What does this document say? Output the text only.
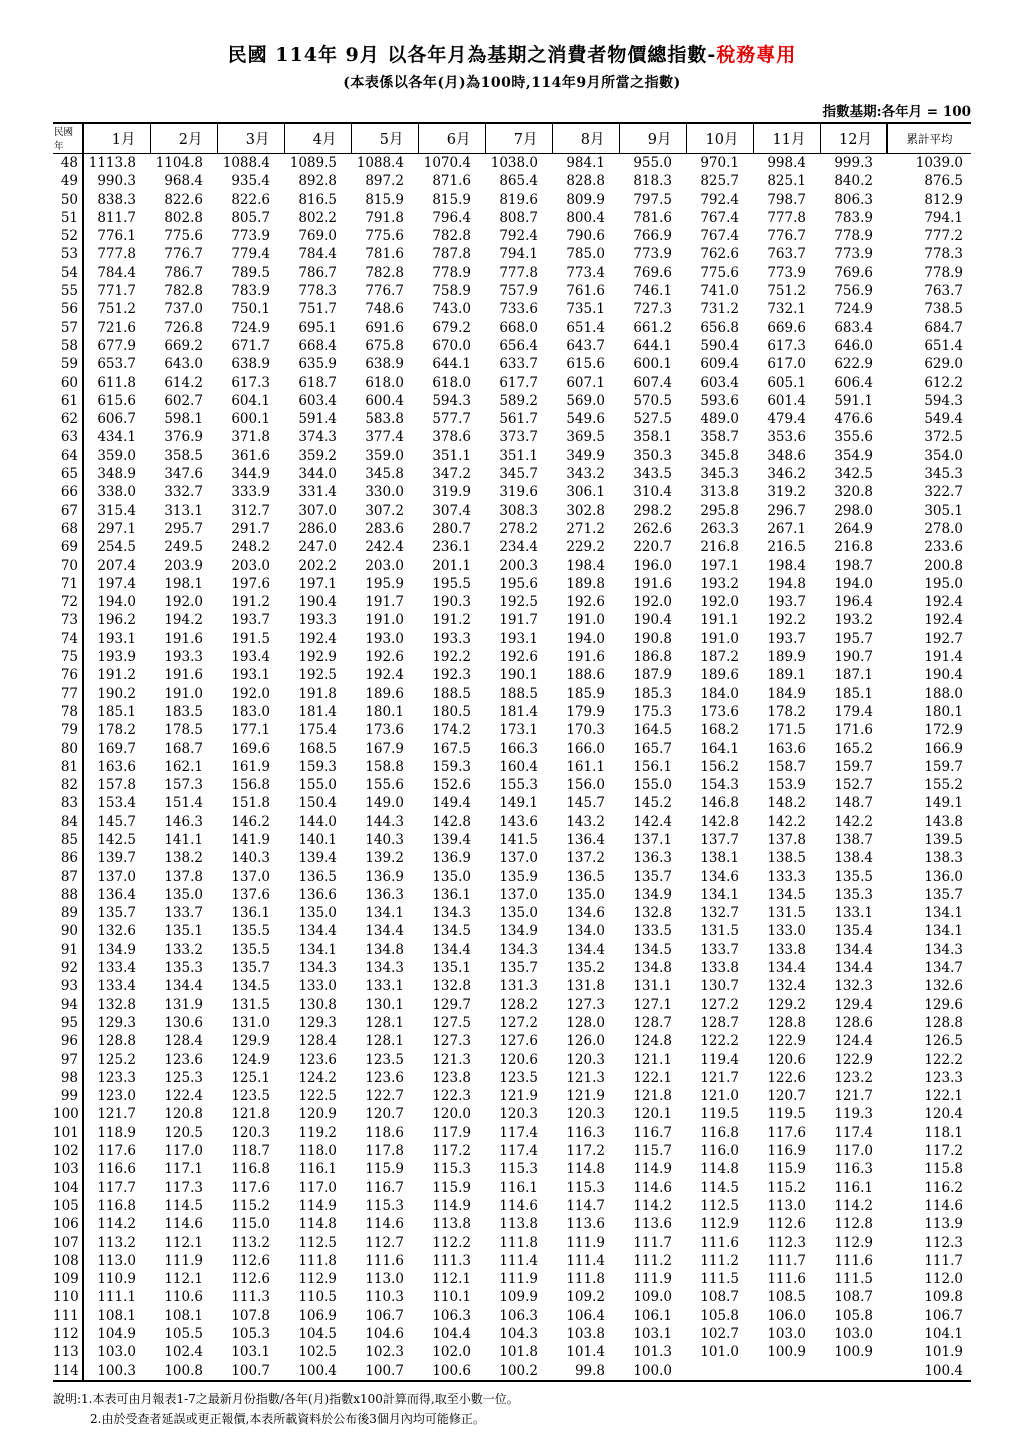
民國 114年 9月 以各年月為基期之消費者物價總指數-稅務專用
(本表係以各年(月)為100時,114年9月所當之指數)
指數基期:各年月 = 100
民國年	1月	2月	3月	4月	5月	6月	7月	8月	9月	10月	11月	12月	累計平均
48	1113.8	1104.8	1088.4	1089.5	1088.4	1070.4	1038.0	984.1	955.0	970.1	998.4	999.3	1039.0
49	990.3	968.4	935.4	892.8	897.2	871.6	865.4	828.8	818.3	825.7	825.1	840.2	876.5
50	838.3	822.6	822.6	816.5	815.9	815.9	819.6	809.9	797.5	792.4	798.7	806.3	812.9
51	811.7	802.8	805.7	802.2	791.8	796.4	808.7	800.4	781.6	767.4	777.8	783.9	794.1
52	776.1	775.6	773.9	769.0	775.6	782.8	792.4	790.6	766.9	767.4	776.7	778.9	777.2
53	777.8	776.7	779.4	784.4	781.6	787.8	794.1	785.0	773.9	762.6	763.7	773.9	778.3
54	784.4	786.7	789.5	786.7	782.8	778.9	777.8	773.4	769.6	775.6	773.9	769.6	778.9
55	771.7	782.8	783.9	778.3	776.7	758.9	757.9	761.6	746.1	741.0	751.2	756.9	763.7
56	751.2	737.0	750.1	751.7	748.6	743.0	733.6	735.1	727.3	731.2	732.1	724.9	738.5
57	721.6	726.8	724.9	695.1	691.6	679.2	668.0	651.4	661.2	656.8	669.6	683.4	684.7
58	677.9	669.2	671.7	668.4	675.8	670.0	656.4	643.7	644.1	590.4	617.3	646.0	651.4
59	653.7	643.0	638.9	635.9	638.9	644.1	633.7	615.6	600.1	609.4	617.0	622.9	629.0
60	611.8	614.2	617.3	618.7	618.0	618.0	617.7	607.1	607.4	603.4	605.1	606.4	612.2
61	615.6	602.7	604.1	603.4	600.4	594.3	589.2	569.0	570.5	593.6	601.4	591.1	594.3
62	606.7	598.1	600.1	591.4	583.8	577.7	561.7	549.6	527.5	489.0	479.4	476.6	549.4
63	434.1	376.9	371.8	374.3	377.4	378.6	373.7	369.5	358.1	358.7	353.6	355.6	372.5
64	359.0	358.5	361.6	359.2	359.0	351.1	351.1	349.9	350.3	345.8	348.6	354.9	354.0
65	348.9	347.6	344.9	344.0	345.8	347.2	345.7	343.2	343.5	345.3	346.2	342.5	345.3
66	338.0	332.7	333.9	331.4	330.0	319.9	319.6	306.1	310.4	313.8	319.2	320.8	322.7
67	315.4	313.1	312.7	307.0	307.2	307.4	308.3	302.8	298.2	295.8	296.7	298.0	305.1
68	297.1	295.7	291.7	286.0	283.6	280.7	278.2	271.2	262.6	263.3	267.1	264.9	278.0
69	254.5	249.5	248.2	247.0	242.4	236.1	234.4	229.2	220.7	216.8	216.5	216.8	233.6
70	207.4	203.9	203.0	202.2	203.0	201.1	200.3	198.4	196.0	197.1	198.4	198.7	200.8
71	197.4	198.1	197.6	197.1	195.9	195.5	195.6	189.8	191.6	193.2	194.8	194.0	195.0
72	194.0	192.0	191.2	190.4	191.7	190.3	192.5	192.6	192.0	192.0	193.7	196.4	192.4
73	196.2	194.2	193.7	193.3	191.0	191.2	191.7	191.0	190.4	191.1	192.2	193.2	192.4
74	193.1	191.6	191.5	192.4	193.0	193.3	193.1	194.0	190.8	191.0	193.7	195.7	192.7
75	193.9	193.3	193.4	192.9	192.6	192.2	192.6	191.6	186.8	187.2	189.9	190.7	191.4
76	191.2	191.6	193.1	192.5	192.4	192.3	190.1	188.6	187.9	189.6	189.1	187.1	190.4
77	190.2	191.0	192.0	191.8	189.6	188.5	188.5	185.9	185.3	184.0	184.9	185.1	188.0
78	185.1	183.5	183.0	181.4	180.1	180.5	181.4	179.9	175.3	173.6	178.2	179.4	180.1
79	178.2	178.5	177.1	175.4	173.6	174.2	173.1	170.3	164.5	168.2	171.5	171.6	172.9
80	169.7	168.7	169.6	168.5	167.9	167.5	166.3	166.0	165.7	164.1	163.6	165.2	166.9
81	163.6	162.1	161.9	159.3	158.8	159.3	160.4	161.1	156.1	156.2	158.7	159.7	159.7
82	157.8	157.3	156.8	155.0	155.6	152.6	155.3	156.0	155.0	154.3	153.9	152.7	155.2
83	153.4	151.4	151.8	150.4	149.0	149.4	149.1	145.7	145.2	146.8	148.2	148.7	149.1
84	145.7	146.3	146.2	144.0	144.3	142.8	143.6	143.2	142.4	142.8	142.2	142.2	143.8
85	142.5	141.1	141.9	140.1	140.3	139.4	141.5	136.4	137.1	137.7	137.8	138.7	139.5
86	139.7	138.2	140.3	139.4	139.2	136.9	137.0	137.2	136.3	138.1	138.5	138.4	138.3
87	137.0	137.8	137.0	136.5	136.9	135.0	135.9	136.5	135.7	134.6	133.3	135.5	136.0
88	136.4	135.0	137.6	136.6	136.3	136.1	137.0	135.0	134.9	134.1	134.5	135.3	135.7
89	135.7	133.7	136.1	135.0	134.1	134.3	135.0	134.6	132.8	132.7	131.5	133.1	134.1
90	132.6	135.1	135.5	134.4	134.4	134.5	134.9	134.0	133.5	131.5	133.0	135.4	134.1
91	134.9	133.2	135.5	134.1	134.8	134.4	134.3	134.4	134.5	133.7	133.8	134.4	134.3
92	133.4	135.3	135.7	134.3	134.3	135.1	135.7	135.2	134.8	133.8	134.4	134.4	134.7
93	133.4	134.4	134.5	133.0	133.1	132.8	131.3	131.8	131.1	130.7	132.4	132.3	132.6
94	132.8	131.9	131.5	130.8	130.1	129.7	128.2	127.3	127.1	127.2	129.2	129.4	129.6
95	129.3	130.6	131.0	129.3	128.1	127.5	127.2	128.0	128.7	128.7	128.8	128.6	128.8
96	128.8	128.4	129.9	128.4	128.1	127.3	127.6	126.0	124.8	122.2	122.9	124.4	126.5
97	125.2	123.6	124.9	123.6	123.5	121.3	120.6	120.3	121.1	119.4	120.6	122.9	122.2
98	123.3	125.3	125.1	124.2	123.6	123.8	123.5	121.3	122.1	121.7	122.6	123.2	123.3
99	123.0	122.4	123.5	122.5	122.7	122.3	121.9	121.9	121.8	121.0	120.7	121.7	122.1
100	121.7	120.8	121.8	120.9	120.7	120.0	120.3	120.3	120.1	119.5	119.5	119.3	120.4
101	118.9	120.5	120.3	119.2	118.6	117.9	117.4	116.3	116.7	116.8	117.6	117.4	118.1
102	117.6	117.0	118.7	118.0	117.8	117.2	117.4	117.2	115.7	116.0	116.9	117.0	117.2
103	116.6	117.1	116.8	116.1	115.9	115.3	115.3	114.8	114.9	114.8	115.9	116.3	115.8
104	117.7	117.3	117.6	117.0	116.7	115.9	116.1	115.3	114.6	114.5	115.2	116.1	116.2
105	116.8	114.5	115.2	114.9	115.3	114.9	114.6	114.7	114.2	112.5	113.0	114.2	114.6
106	114.2	114.6	115.0	114.8	114.6	113.8	113.8	113.6	113.6	112.9	112.6	112.8	113.9
107	113.2	112.1	113.2	112.5	112.7	112.2	111.8	111.9	111.7	111.6	112.3	112.9	112.3
108	113.0	111.9	112.6	111.8	111.6	111.3	111.4	111.4	111.2	111.2	111.7	111.6	111.7
109	110.9	112.1	112.6	112.9	113.0	112.1	111.9	111.8	111.9	111.5	111.6	111.5	112.0
110	111.1	110.6	111.3	110.5	110.3	110.1	109.9	109.2	109.0	108.7	108.5	108.7	109.8
111	108.1	108.1	107.8	106.9	106.7	106.3	106.3	106.4	106.1	105.8	106.0	105.8	106.7
112	104.9	105.5	105.3	104.5	104.6	104.4	104.3	103.8	103.1	102.7	103.0	103.0	104.1
113	103.0	102.4	103.1	102.5	102.3	102.0	101.8	101.4	101.3	101.0	100.9	100.9	101.9
114	100.3	100.8	100.7	100.4	100.7	100.6	100.2	99.8	100.0				100.4
說明:1.本表可由月報表1-7之最新月份指數/各年(月)指數x100計算而得,取至小數一位。
2.由於受查者延誤或更正報價,本表所載資料於公布後3個月內均可能修正。
